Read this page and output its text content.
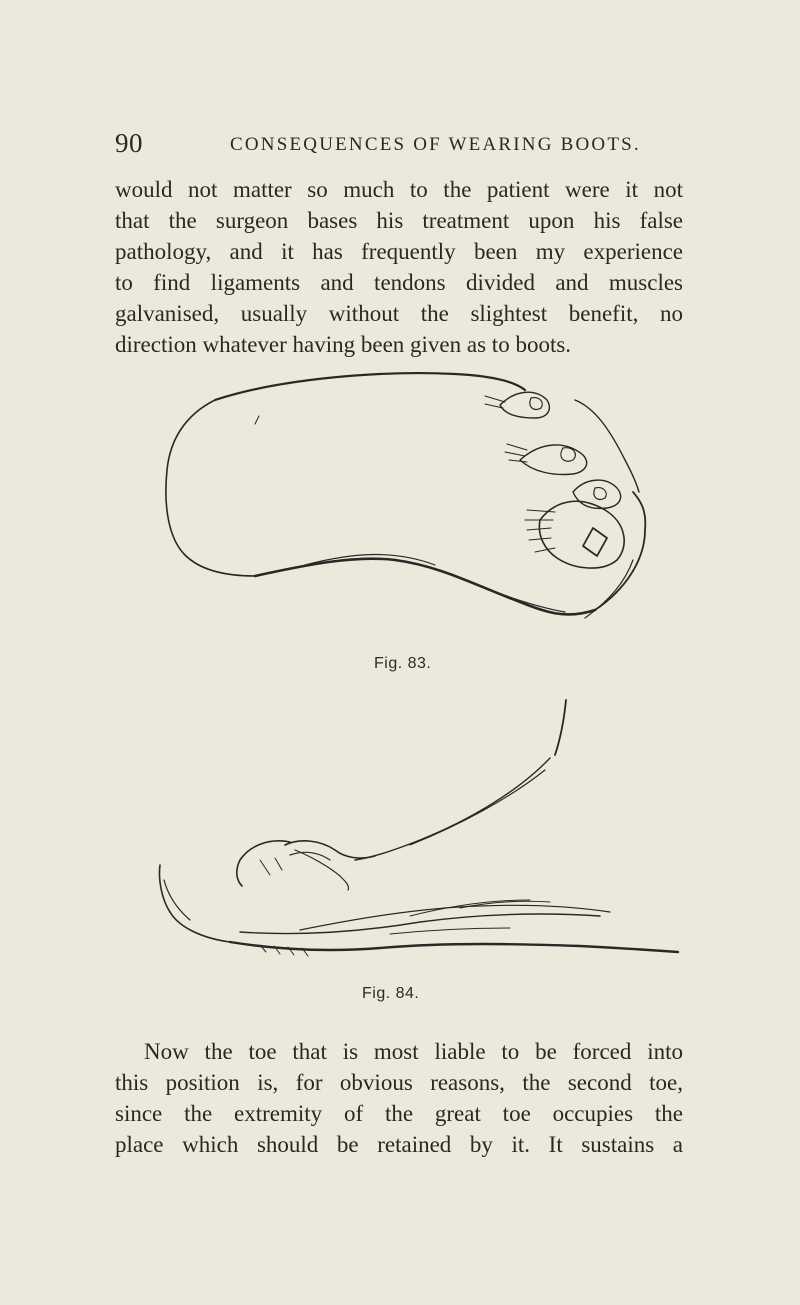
90	CONSEQUENCES OF WEARING BOOTS.
would not matter so much to the patient were it not
that the surgeon bases his treatment upon his false
pathology, and it has frequently been my experience
to find ligaments and tendons divided and muscles
galvanised, usually without the slightest benefit, no
direction whatever having been given as to boots.
Fig. 83.
Fig. 84.
Now the toe that is most liable to be forced into
this position is, for obvious reasons, the second toe,
since the extremity of the great toe occupies the
place which should be retained by it. It sustains a
